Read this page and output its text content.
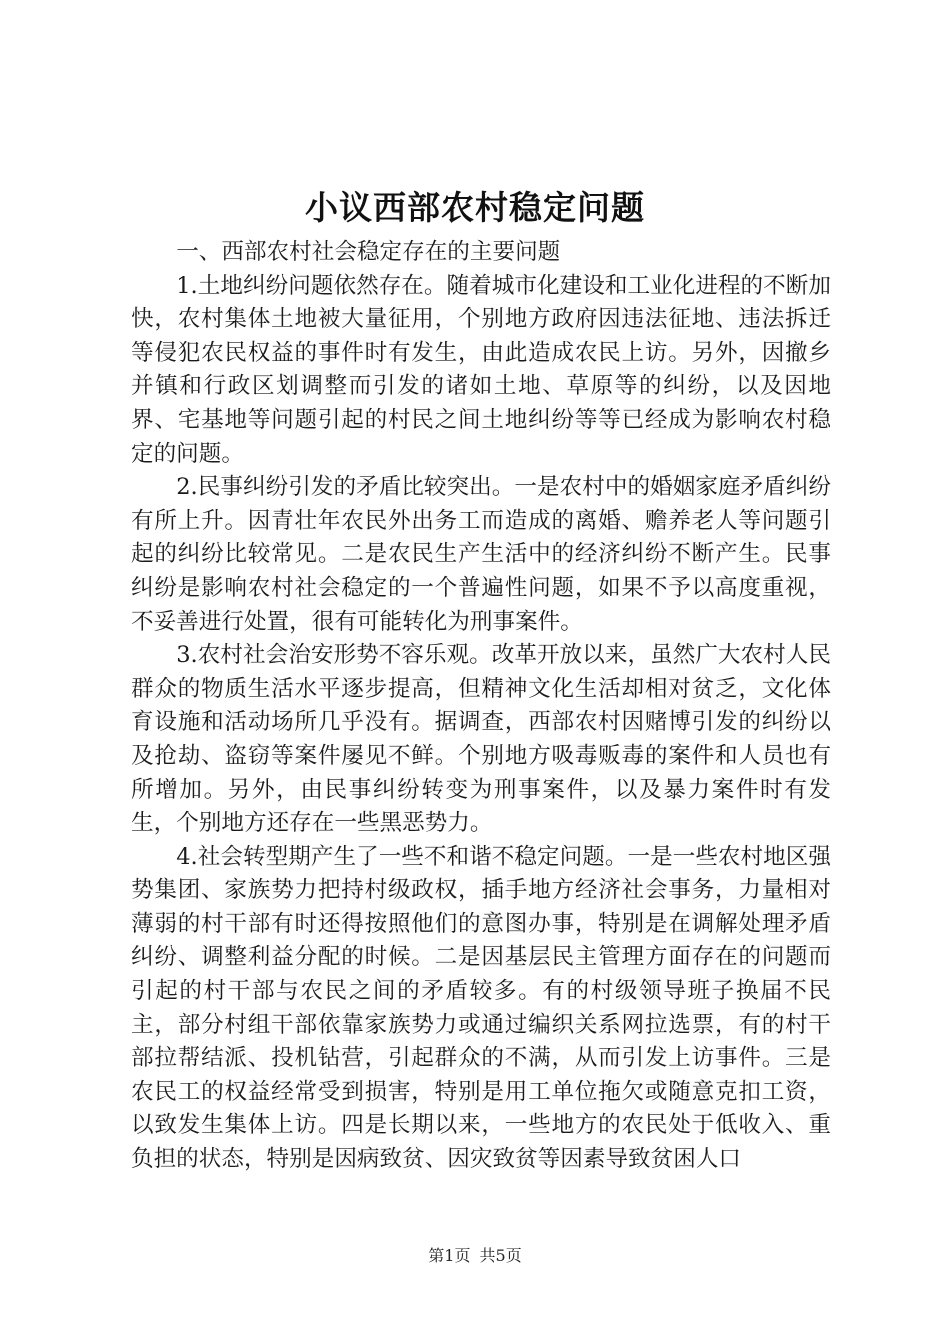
小议西部农村稳定问题

一、西部农村社会稳定存在的主要问题

1.土地纠纷问题依然存在。随着城市化建设和工业化进程的不断加快，农村集体土地被大量征用，个别地方政府因违法征地、违法拆迁等侵犯农民权益的事件时有发生，由此造成农民上访。另外，因撤乡并镇和行政区划调整而引发的诸如土地、草原等的纠纷，以及因地界、宅基地等问题引起的村民之间土地纠纷等等已经成为影响农村稳定的问题。

2.民事纠纷引发的矛盾比较突出。一是农村中的婚姻家庭矛盾纠纷有所上升。因青壮年农民外出务工而造成的离婚、赡养老人等问题引起的纠纷比较常见。二是农民生产生活中的经济纠纷不断产生。民事纠纷是影响农村社会稳定的一个普遍性问题，如果不予以高度重视，不妥善进行处置，很有可能转化为刑事案件。

3.农村社会治安形势不容乐观。改革开放以来，虽然广大农村人民群众的物质生活水平逐步提高，但精神文化生活却相对贫乏，文化体育设施和活动场所几乎没有。据调查，西部农村因赌博引发的纠纷以及抢劫、盗窃等案件屡见不鲜。个别地方吸毒贩毒的案件和人员也有所增加。另外，由民事纠纷转变为刑事案件，以及暴力案件时有发生，个别地方还存在一些黑恶势力。

4.社会转型期产生了一些不和谐不稳定问题。一是一些农村地区强势集团、家族势力把持村级政权，插手地方经济社会事务，力量相对薄弱的村干部有时还得按照他们的意图办事，特别是在调解处理矛盾纠纷、调整利益分配的时候。二是因基层民主管理方面存在的问题而引起的村干部与农民之间的矛盾较多。有的村级领导班子换届不民主，部分村组干部依靠家族势力或通过编织关系网拉选票，有的村干部拉帮结派、投机钻营，引起群众的不满，从而引发上访事件。三是农民工的权益经常受到损害，特别是用工单位拖欠或随意克扣工资，以致发生集体上访。四是长期以来，一些地方的农民处于低收入、重负担的状态，特别是因病致贫、因灾致贫等因素导致贫困人口

第1页 共5页
